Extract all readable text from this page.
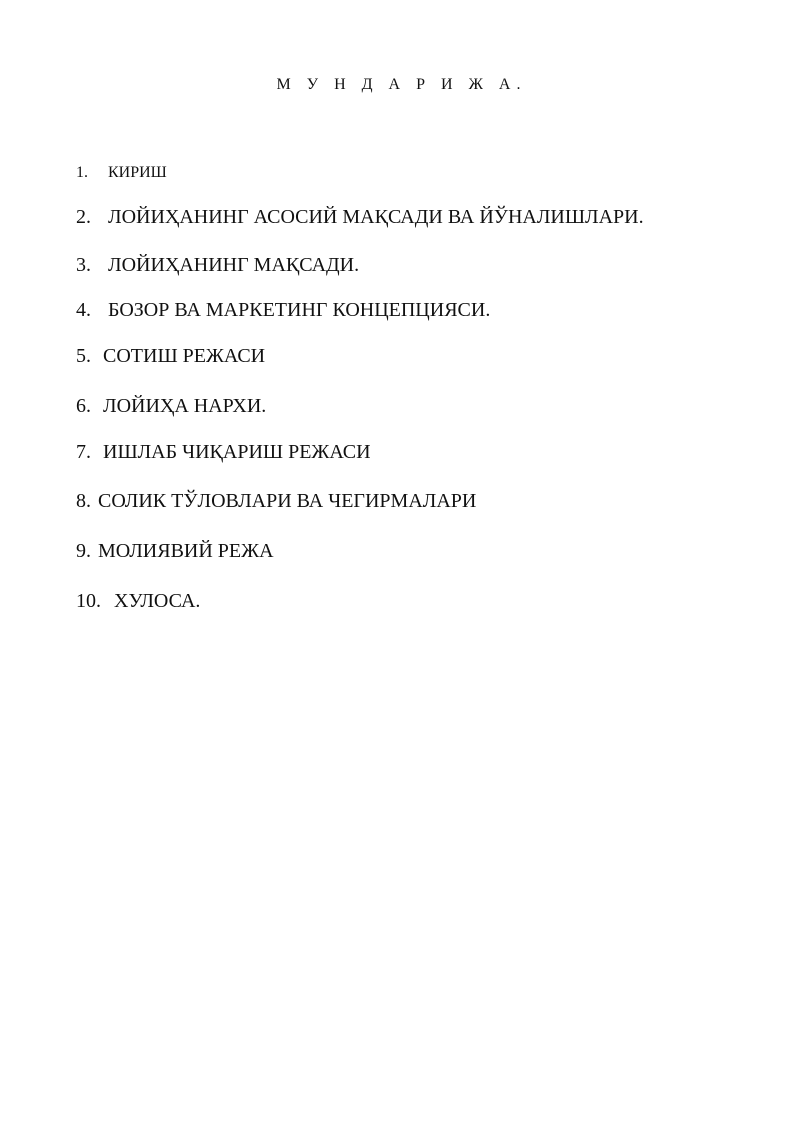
М У Н Д А Р И Ж А.
1. КИРИШ
2. ЛОЙИҲАНИНГ АСОСИЙ МАҚСАДИ ВА ЙЎНАЛИШЛАРИ.
3. ЛОЙИҲАНИНГ МАҚСАДИ.
4. БОЗОР ВА МАРКЕТИНГ КОНЦЕПЦИЯСИ.
5. СОТИШ РЕЖАСИ
6. ЛОЙИҲА НАРХИ.
7. ИШЛАБ ЧИҚАРИШ РЕЖАСИ
8. СОЛИК ТЎЛОВЛАРИ ВА ЧЕГИРМАЛАРИ
9. МОЛИЯВИЙ РЕЖА
10. ХУЛОСА.
